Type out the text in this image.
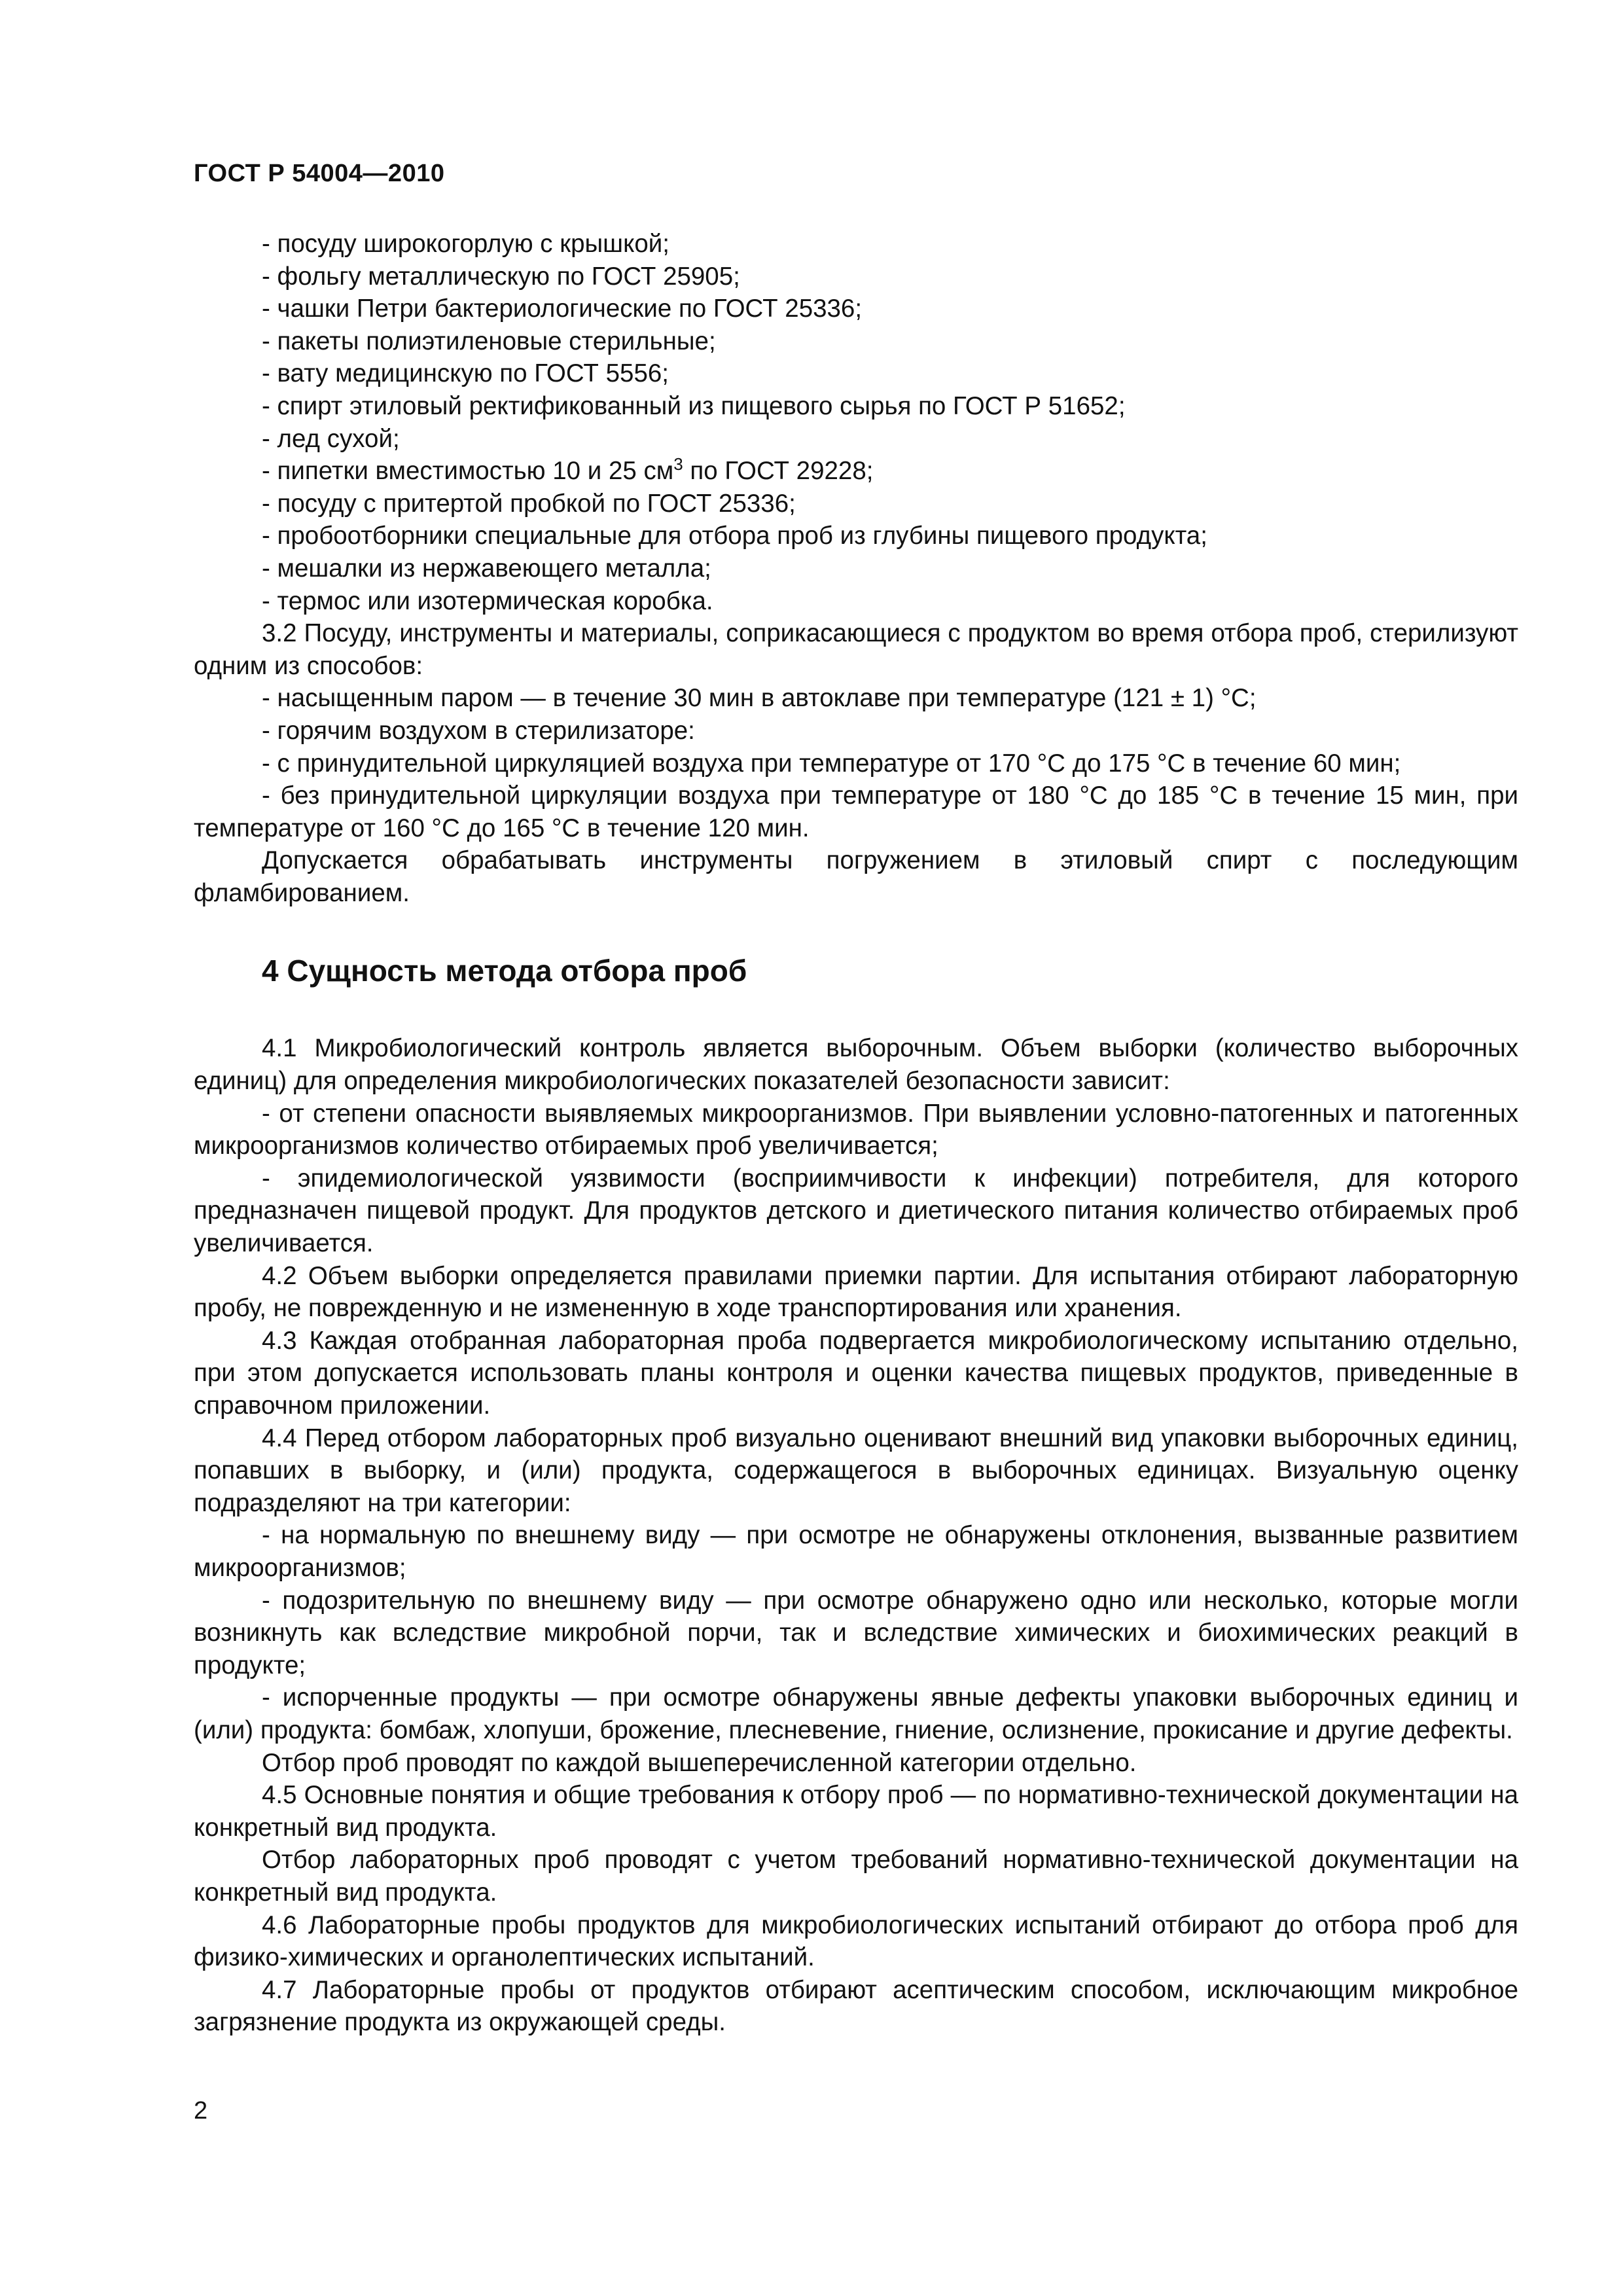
ГОСТ Р 54004—2010

- посуду широкогорлую с крышкой;

- фольгу металлическую по ГОСТ 25905;

- чашки Петри бактериологические по ГОСТ 25336;

- пакеты полиэтиленовые стерильные;

- вату медицинскую по ГОСТ 5556;

- спирт этиловый ректификованный из пищевого сырья по ГОСТ Р 51652;

- лед сухой;

- пипетки вместимостью 10 и 25 $см^3$ по ГОСТ 29228;

- посуду с притертой пробкой по ГОСТ 25336;

- пробоотборники специальные для отбора проб из глубины пищевого продукта;

- мешалки из нержавеющего металла;

- термос или изотермическая коробка.

3.2 Посуду, инструменты и материалы, соприкасающиеся с продуктом во время отбора проб, стерилизуют одним из способов:

- насыщенным паром — в течение 30 мин в автоклаве при температуре (121 ± 1) °С;

- горячим воздухом в стерилизаторе:

- с принудительной циркуляцией воздуха при температуре от 170 °С до 175 °С в течение 60 мин;

- без принудительной циркуляции воздуха при температуре от 180 °С до 185 °С в течение 15 мин, при температуре от 160 °С до 165 °С в течение 120 мин.

Допускается обрабатывать инструменты погружением в этиловый спирт с последующим фламбированием.

4 Сущность метода отбора проб

4.1 Микробиологический контроль является выборочным. Объем выборки (количество выборочных единиц) для определения микробиологических показателей безопасности зависит:

- от степени опасности выявляемых микроорганизмов. При выявлении условно-патогенных и патогенных микроорганизмов количество отбираемых проб увеличивается;

- эпидемиологической уязвимости (восприимчивости к инфекции) потребителя, для которого предназначен пищевой продукт. Для продуктов детского и диетического питания количество отбираемых проб увеличивается.

4.2 Объем выборки определяется правилами приемки партии. Для испытания отбирают лабораторную пробу, не поврежденную и не измененную в ходе транспортирования или хранения.

4.3 Каждая отобранная лабораторная проба подвергается микробиологическому испытанию отдельно, при этом допускается использовать планы контроля и оценки качества пищевых продуктов, приведенные в справочном приложении.

4.4 Перед отбором лабораторных проб визуально оценивают внешний вид упаковки выборочных единиц, попавших в выборку, и (или) продукта, содержащегося в выборочных единицах. Визуальную оценку подразделяют на три категории:

- на нормальную по внешнему виду — при осмотре не обнаружены отклонения, вызванные развитием микроорганизмов;

- подозрительную по внешнему виду — при осмотре обнаружено одно или несколько, которые могли возникнуть как вследствие микробной порчи, так и вследствие химических и биохимических реакций в продукте;

- испорченные продукты — при осмотре обнаружены явные дефекты упаковки выборочных единиц и (или) продукта: бомбаж, хлопуши, брожение, плесневение, гниение, ослизнение, прокисание и другие дефекты.

Отбор проб проводят по каждой вышеперечисленной категории отдельно.

4.5 Основные понятия и общие требования к отбору проб — по нормативно-технической документации на конкретный вид продукта.

Отбор лабораторных проб проводят с учетом требований нормативно-технической документации на конкретный вид продукта.

4.6 Лабораторные пробы продуктов для микробиологических испытаний отбирают до отбора проб для физико-химических и органолептических испытаний.

4.7 Лабораторные пробы от продуктов отбирают асептическим способом, исключающим микробное загрязнение продукта из окружающей среды.

2
